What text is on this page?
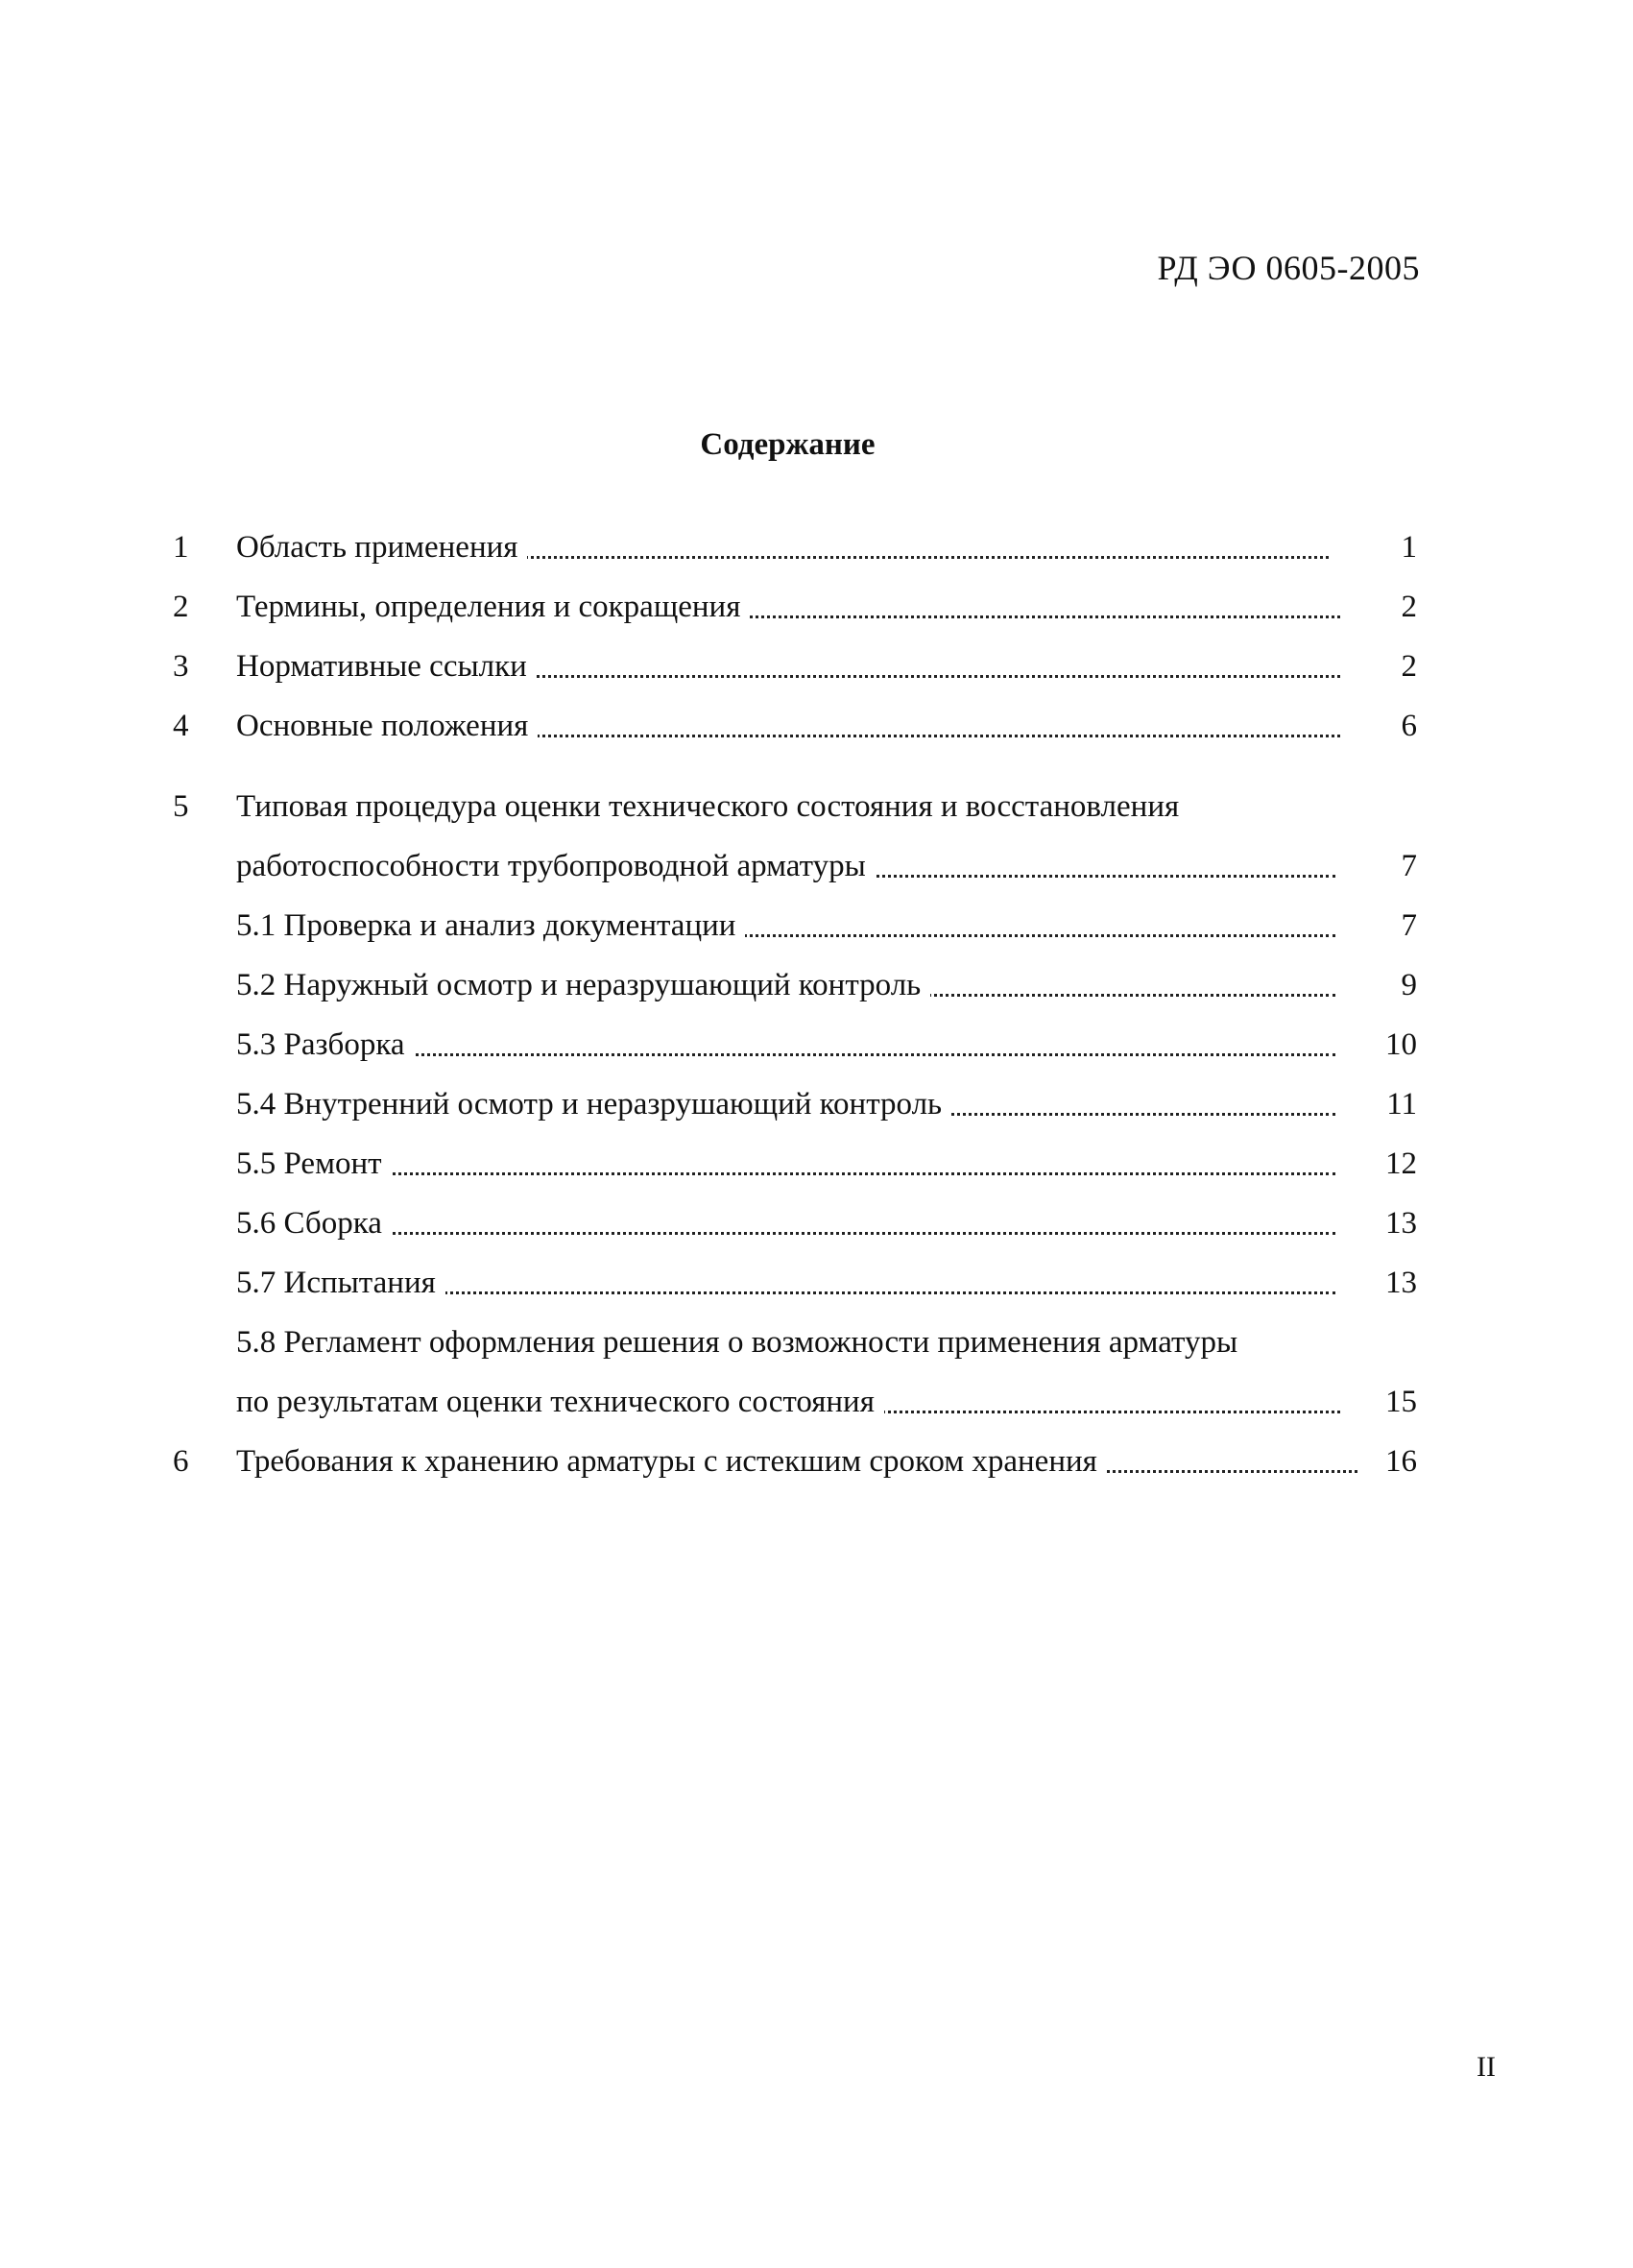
РД ЭО 0605-2005
Содержание
1	Область применения	1
2	Термины, определения и сокращения	2
3	Нормативные ссылки	2
4	Основные положения	6
5	Типовая процедура оценки технического состояния и восстановления
работоспособности трубопроводной арматуры	7
5.1 Проверка и анализ документации	7
5.2 Наружный осмотр и неразрушающий контроль	9
5.3 Разборка	10
5.4 Внутренний осмотр и неразрушающий контроль	11
5.5 Ремонт	12
5.6 Сборка	13
5.7 Испытания	13
5.8 Регламент оформления решения о возможности применения арматуры
по результатам оценки технического состояния	15
6	Требования к хранению арматуры с истекшим сроком хранения	16
II
